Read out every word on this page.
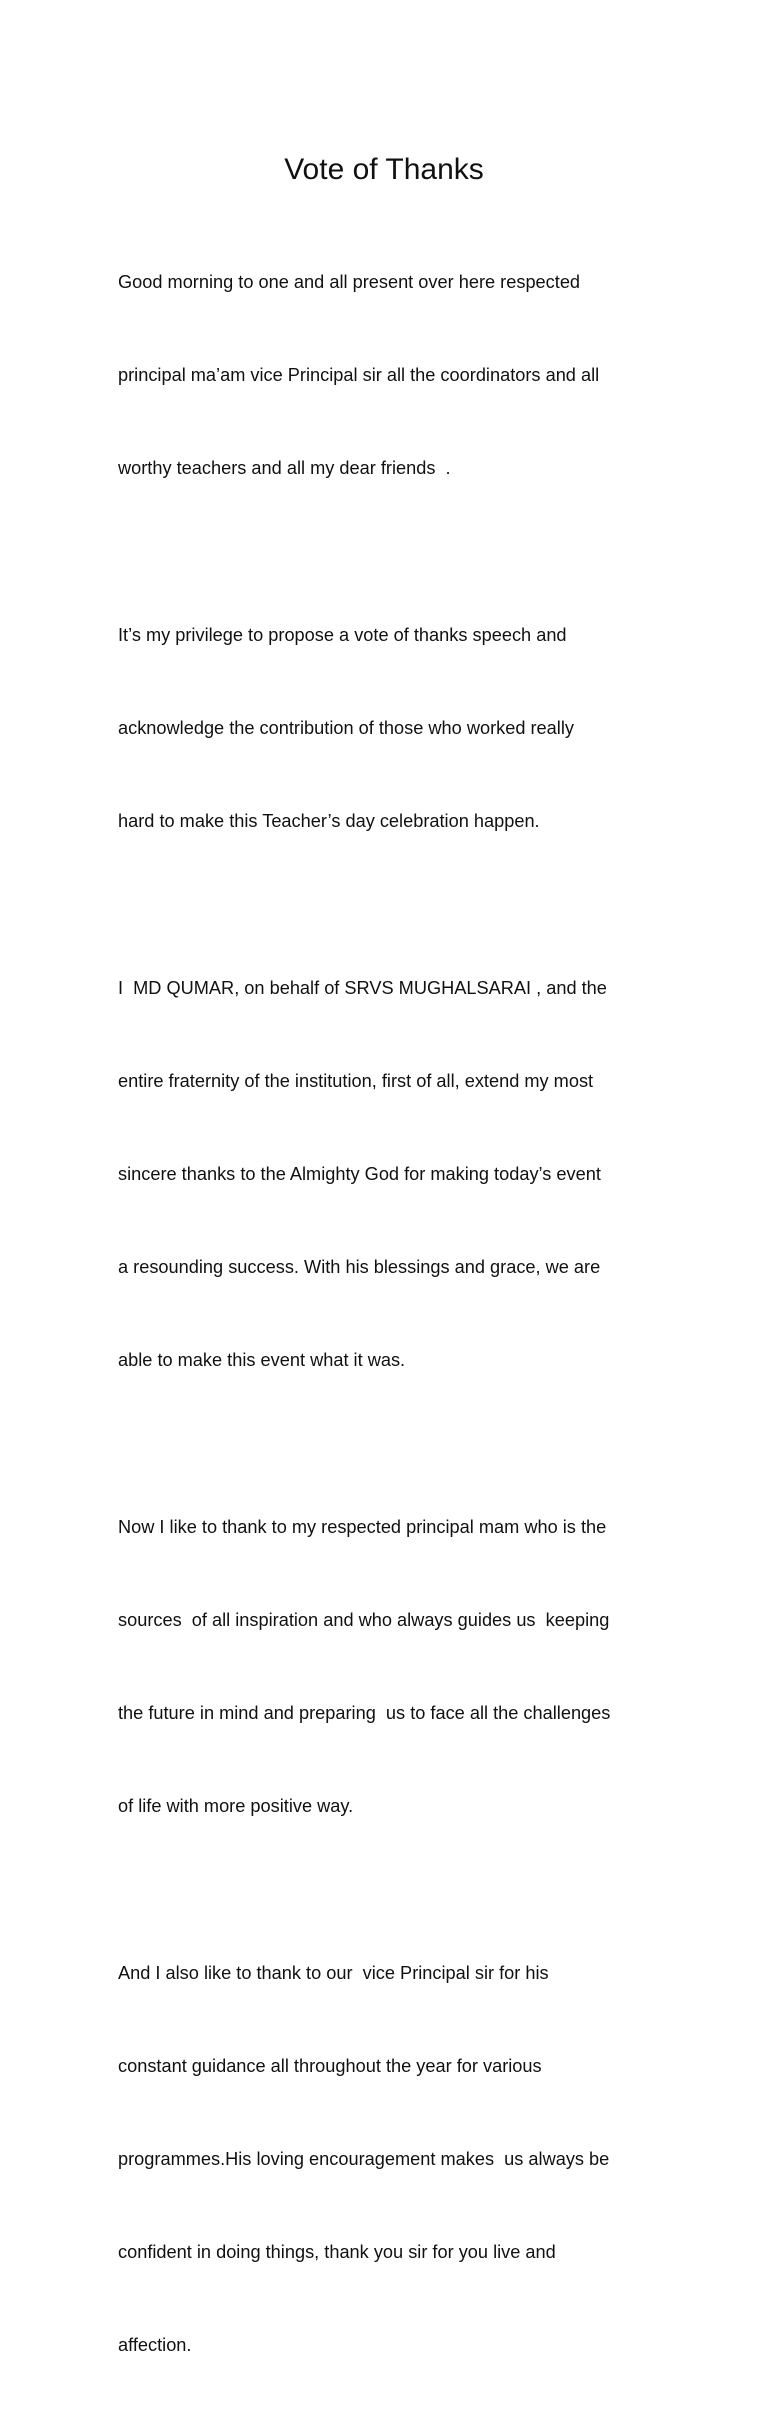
Vote of Thanks

Good morning to one and all present over here respected

principal ma’am vice Principal sir all the coordinators and all

worthy teachers and all my dear friends  .

It’s my privilege to propose a vote of thanks speech and

acknowledge the contribution of those who worked really

hard to make this Teacher’s day celebration happen.

I  MD QUMAR, on behalf of SRVS MUGHALSARAI , and the

entire fraternity of the institution, first of all, extend my most

sincere thanks to the Almighty God for making today’s event

a resounding success. With his blessings and grace, we are

able to make this event what it was.

Now I like to thank to my respected principal mam who is the

sources  of all inspiration and who always guides us  keeping

the future in mind and preparing  us to face all the challenges

of life with more positive way.

And I also like to thank to our  vice Principal sir for his

constant guidance all throughout the year for various

programmes.His loving encouragement makes  us always be

confident in doing things, thank you sir for you live and

affection.
